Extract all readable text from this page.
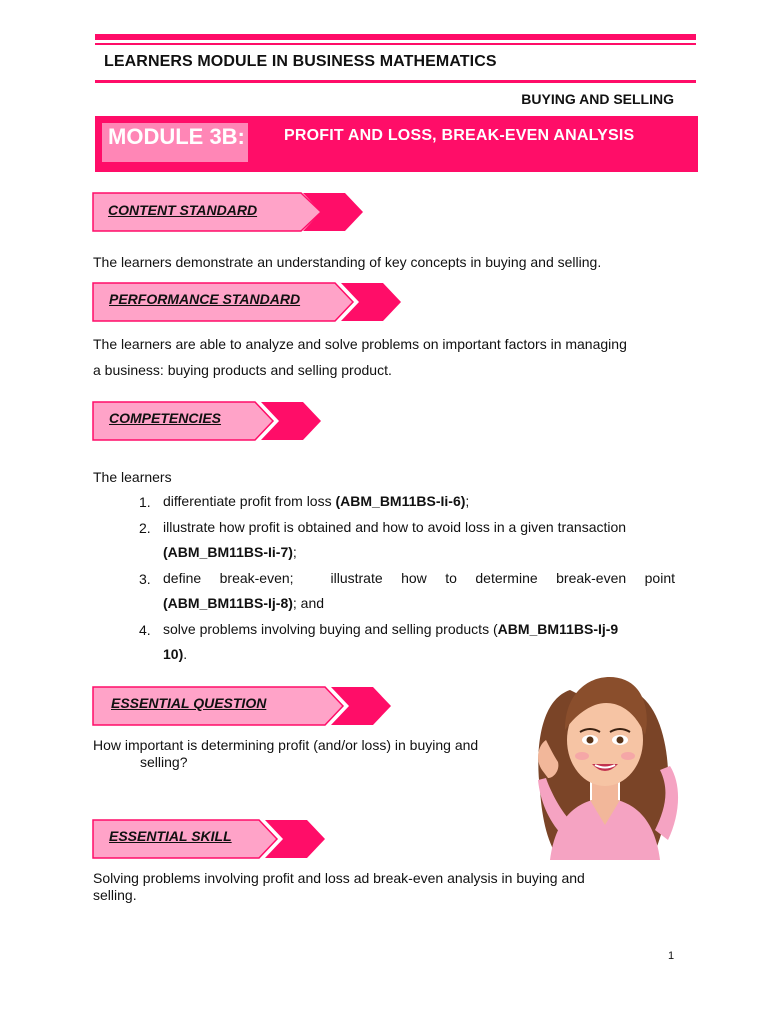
LEARNERS MODULE IN BUSINESS MATHEMATICS
BUYING AND SELLING
MODULE 3B: PROFIT AND LOSS, BREAK-EVEN ANALYSIS
CONTENT STANDARD
The learners demonstrate an understanding of key concepts in buying and selling.
PERFORMANCE STANDARD
The learners are able to analyze and solve problems on important factors in managing
a business: buying products and selling product.
COMPETENCIES
The learners
1. differentiate profit from loss (ABM_BM11BS-Ii-6);
2. illustrate how profit is obtained and how to avoid loss in a given transaction
(ABM_BM11BS-Ii-7);
3. define break-even;  illustrate how to determine break-even point
(ABM_BM11BS-Ij-8); and
4. solve problems involving buying and selling products (ABM_BM11BS-Ij-9
10).
ESSENTIAL QUESTION
How important is determining profit (and/or loss) in buying and
selling?
ESSENTIAL SKILL
Solving problems involving profit and loss ad break-even analysis in buying and
selling.
1
